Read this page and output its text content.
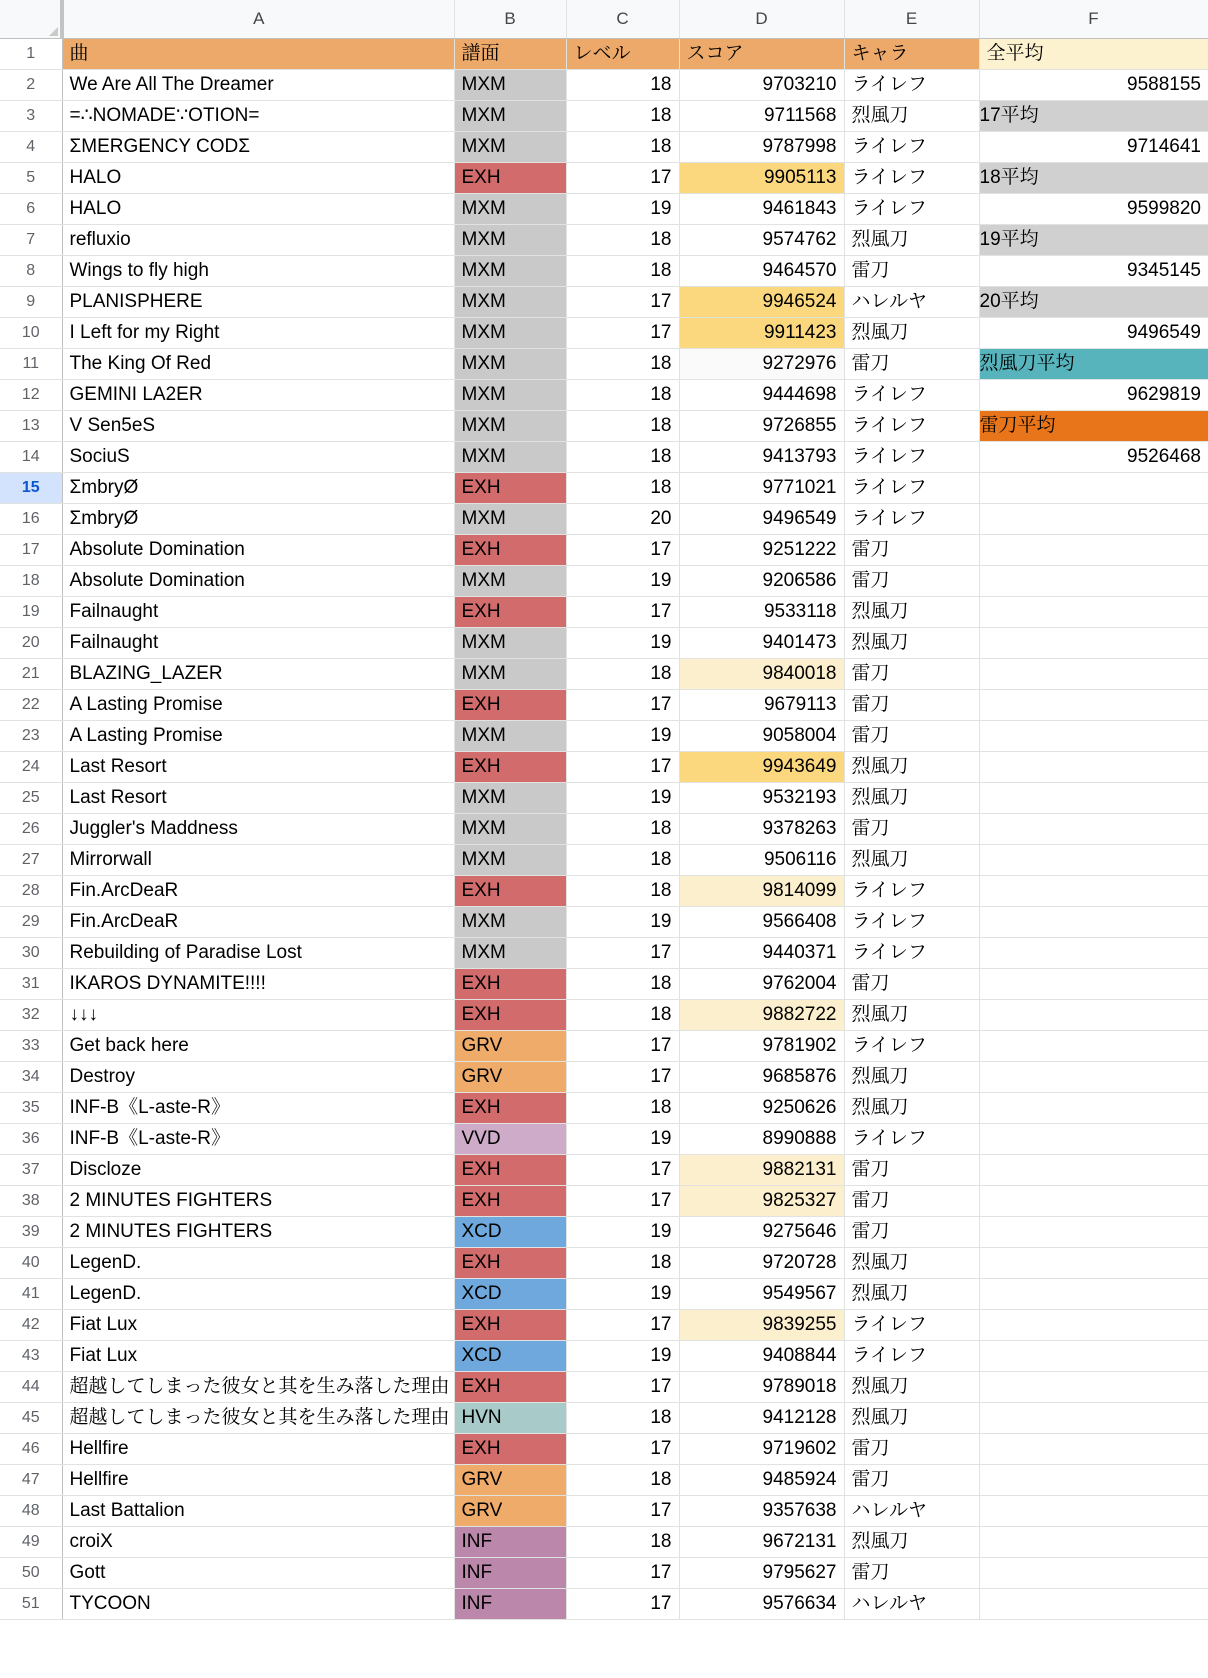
	A	B	C	D	E	F
1	曲	譜面	レベル	スコア	キャラ	全平均
2	We Are All The Dreamer	MXM	18	9703210	ライレフ	9588155
3	=∴NOMADE∵OTION=	MXM	18	9711568	烈風刀	17平均
4	ΣMERGENCY CODΣ	MXM	18	9787998	ライレフ	9714641
5	HALO	EXH	17	9905113	ライレフ	18平均
6	HALO	MXM	19	9461843	ライレフ	9599820
7	refluxio	MXM	18	9574762	烈風刀	19平均
8	Wings to fly high	MXM	18	9464570	雷刀	9345145
9	PLANISPHERE	MXM	17	9946524	ハレルヤ	20平均
10	I Left for my Right	MXM	17	9911423	烈風刀	9496549
11	The King Of Red	MXM	18	9272976	雷刀	烈風刀平均
12	GEMINI LA2ER	MXM	18	9444698	ライレフ	9629819
13	V Sen5eS	MXM	18	9726855	ライレフ	雷刀平均
14	SociuS	MXM	18	9413793	ライレフ	9526468
15	ΣmbryØ	EXH	18	9771021	ライレフ	
16	ΣmbryØ	MXM	20	9496549	ライレフ	
17	Absolute Domination	EXH	17	9251222	雷刀	
18	Absolute Domination	MXM	19	9206586	雷刀	
19	Failnaught	EXH	17	9533118	烈風刀	
20	Failnaught	MXM	19	9401473	烈風刀	
21	BLAZING_LAZER	MXM	18	9840018	雷刀	
22	A Lasting Promise	EXH	17	9679113	雷刀	
23	A Lasting Promise	MXM	19	9058004	雷刀	
24	Last Resort	EXH	17	9943649	烈風刀	
25	Last Resort	MXM	19	9532193	烈風刀	
26	Juggler's Maddness	MXM	18	9378263	雷刀	
27	Mirrorwall	MXM	18	9506116	烈風刀	
28	Fin.ArcDeaR	EXH	18	9814099	ライレフ	
29	Fin.ArcDeaR	MXM	19	9566408	ライレフ	
30	Rebuilding of Paradise Lost	MXM	17	9440371	ライレフ	
31	IKAROS DYNAMITE!!!!	EXH	18	9762004	雷刀	
32	↓↓↓	EXH	18	9882722	烈風刀	
33	Get back here	GRV	17	9781902	ライレフ	
34	Destroy	GRV	17	9685876	烈風刀	
35	INF-B《L-aste-R》	EXH	18	9250626	烈風刀	
36	INF-B《L-aste-R》	VVD	19	8990888	ライレフ	
37	Discloze	EXH	17	9882131	雷刀	
38	2 MINUTES FIGHTERS	EXH	17	9825327	雷刀	
39	2 MINUTES FIGHTERS	XCD	19	9275646	雷刀	
40	LegenD.	EXH	18	9720728	烈風刀	
41	LegenD.	XCD	19	9549567	烈風刀	
42	Fiat Lux	EXH	17	9839255	ライレフ	
43	Fiat Lux	XCD	19	9408844	ライレフ	
44	超越してしまった彼女と其を生み落した理由	EXH	17	9789018	烈風刀	
45	超越してしまった彼女と其を生み落した理由	HVN	18	9412128	烈風刀	
46	Hellfire	EXH	17	9719602	雷刀	
47	Hellfire	GRV	18	9485924	雷刀	
48	Last Battalion	GRV	17	9357638	ハレルヤ	
49	croiX	INF	18	9672131	烈風刀	
50	Gott	INF	17	9795627	雷刀	
51	TYCOON	INF	17	9576634	ハレルヤ	
